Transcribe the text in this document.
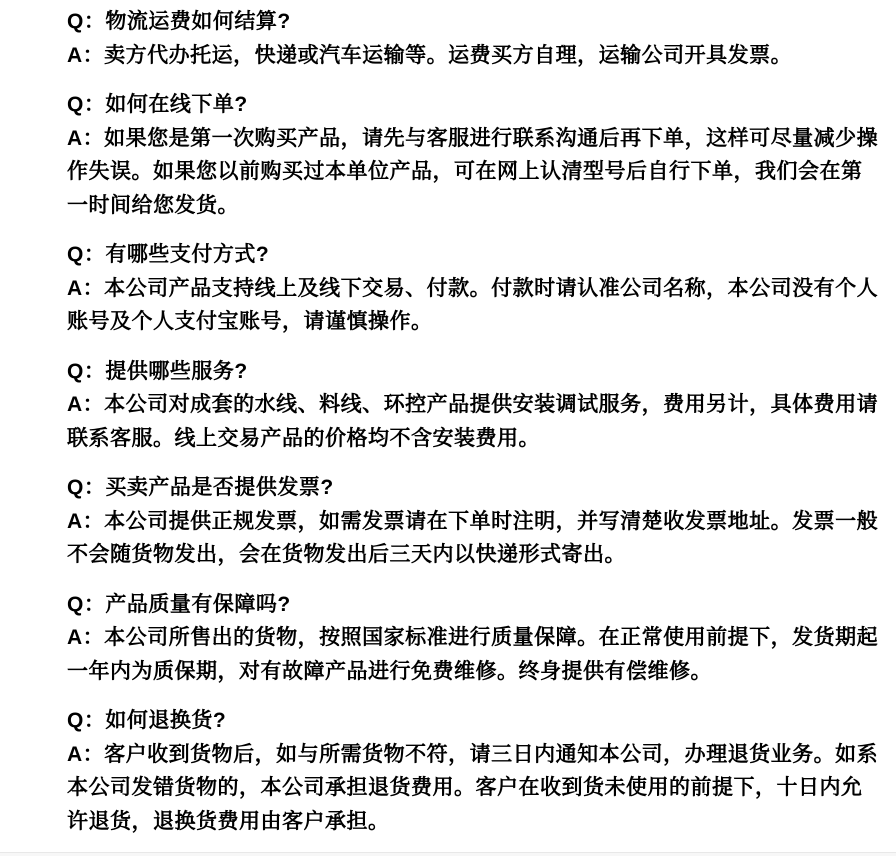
Q：物流运费如何结算?
A：卖方代办托运，快递或汽车运输等。运费买方自理，运输公司开具发票。
Q：如何在线下单?
A：如果您是第一次购买产品，请先与客服进行联系沟通后再下单，这样可尽量减少操作失误。如果您以前购买过本单位产品，可在网上认清型号后自行下单，我们会在第一时间给您发货。
Q：有哪些支付方式?
A：本公司产品支持线上及线下交易、付款。付款时请认准公司名称，本公司没有个人账号及个人支付宝账号，请谨慎操作。
Q：提供哪些服务?
A：本公司对成套的水线、料线、环控产品提供安装调试服务，费用另计，具体费用请联系客服。线上交易产品的价格均不含安装费用。
Q：买卖产品是否提供发票?
A：本公司提供正规发票，如需发票请在下单时注明，并写清楚收发票地址。发票一般不会随货物发出，会在货物发出后三天内以快递形式寄出。
Q：产品质量有保障吗?
A：本公司所售出的货物，按照国家标准进行质量保障。在正常使用前提下，发货期起一年内为质保期，对有故障产品进行免费维修。终身提供有偿维修。
Q：如何退换货?
A：客户收到货物后，如与所需货物不符，请三日内通知本公司，办理退货业务。如系本公司发错货物的，本公司承担退货费用。客户在收到货未使用的前提下，十日内允许退货，退换货费用由客户承担。
